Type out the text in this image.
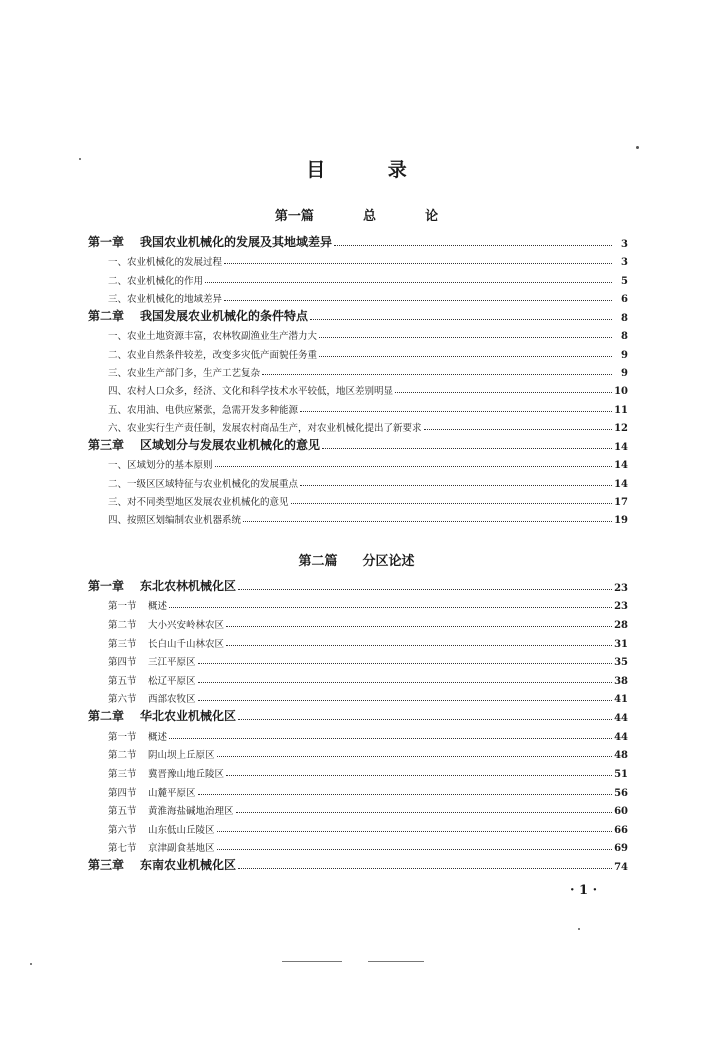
目 录
第一篇	总	论
第一章 我国农业机械化的发展及其地域差异	3
一、农业机械化的发展过程	3
二、农业机械化的作用	5
三、农业机械化的地域差异	6
第二章 我国发展农业机械化的条件特点	8
一、农业土地资源丰富，农林牧副渔业生产潜力大	8
二、农业自然条件较差，改变多灾低产面貌任务重	9
三、农业生产部门多，生产工艺复杂	9
四、农村人口众多，经济、文化和科学技术水平较低，地区差别明显	10
五、农用油、电供应紧张，急需开发多种能源	11
六、农业实行生产责任制，发展农村商品生产，对农业机械化提出了新要求	12
第三章 区域划分与发展农业机械化的意见	14
一、区域划分的基本原则	14
二、一级区区域特征与农业机械化的发展重点	14
三、对不同类型地区发展农业机械化的意见	17
四、按照区划编制农业机器系统	19
第二篇 分区论述
第一章 东北农林机械化区	23
第一节 概述	23
第二节 大小兴安岭林农区	28
第三节 长白山千山林农区	31
第四节 三江平原区	35
第五节 松辽平原区	38
第六节 西部农牧区	41
第二章 华北农业机械化区	44
第一节 概述	44
第二节 阴山坝上丘原区	48
第三节 冀晋豫山地丘陵区	51
第四节 山麓平原区	56
第五节 黄淮海盐碱地治理区	60
第六节 山东低山丘陵区	66
第七节 京津副食基地区	69
第三章 东南农业机械化区	74
· 1 ·
